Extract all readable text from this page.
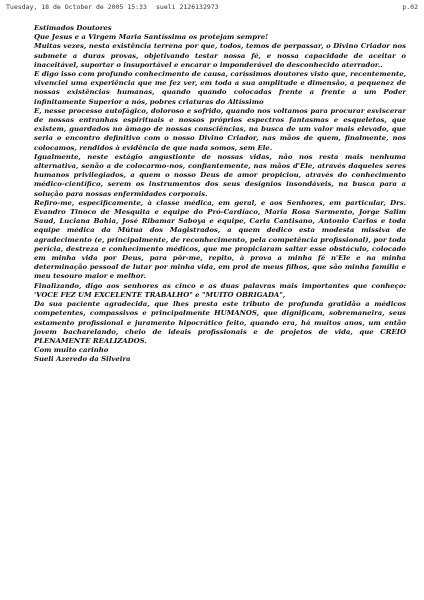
Tuesday, 18 de October de 2005 15:33 sueli 2126132973	p.02

Estimados Doutores

Que Jesus e a Virgem Maria Santíssima os protejam sempre!

Muitas vezes, nesta existência terrena por que, todos, temos de perpassar, o Divino Criador nos submete a duras provas, objetivando testar nossa fé, e nossa capacidade de aceitar o inaceitável, suportar o insuportável e encarar o imponderável do desconhecido aterrador..

E digo isso com profundo conhecimento de causa, caríssimos doutores visto que, recentemente, vivenciei uma experiência que me fez ver, em toda a sua amplitude e dimensão, a pequenez de nossas existências humanas, quando quando colocadas frente a frente a um Poder infinitamente Superior a nós, pobres criaturas do Altíssimo

E, nesse processo autofágico, doloroso e sofrido, quando nos voltamos para procurar esviscerar de nossas entranhas espirituais e nossos próprios espectros fantasmas e esqueletos, que existem, guardados no âmago de nossas consciências, na busca de um valor mais elevado, que seria o encontro definitivo com o nosso Divino Criador, nas mãos de quem, finalmente, nos colocamos, rendidos à evidência de que nada somos, sem Ele.

Igualmente, neste estágio angustiante de nossas vidas, não nos resta mais nenhuma alternativa, senão a de colocarmo-nos, confiantemente, nas mãos d'Ele, através daqueles seres humanos privilegiados, a quem o nosso Deus de amor propiciou, através do conhecimento médico-científico, serem os instrumentos dos seus desígnios insondáveis, na busca para a solução para nossas enfermidades corporais.

Refiro-me, especificamente, à classe médica, em geral, e aos Senhores, em particular, Drs. Evandro Tinoco de Mesquita e equipe do Pró-Cardíaco, Maria Rosa Sarmento, Jorge Salim Saud, Luciana Bahia, José Ribamar Saboya e equipe, Carla Cantisano, Antonio Carlos e toda equipe médica da Mútua dos Magistrados, a quem dedico esta modesta missiva de agradecimento (e, principalmente, de reconhecimento, pela competência profissional), por toda perícia, destreza e conhecimento médicos, que me propiciaram saltar esse obstáculo, colocado em minha vida por Deus, para pôr-me, repito, à prova a minha fé n'Ele e na minha determinação pessoal de lutar por minha vida, em prol de meus filhos, que são minha família e meu tesouro maior e melhor.

Finalizando, digo aos senhores as cinco e as duas palavras mais importantes que conheço: 'VOCE FEZ UM EXCELENTE TRABALHO" e "MUITO OBRIGADA",

Da sua paciente agradecida, que lhes presta este tributo de profunda gratidão a médicos competentes, compassivos e principalmente HUMANOS, que dignificam, sobremaneira, seus estamento profissional e juramento hipocrático feito, quando era, há muitos anos, um então jovem bacharelando, cheio de ideais profissionais e de projetos de vida, que CREIO PLENAMENTE REALIZADOS.

Com muito carinho

Sueli Azeredo da Silveira
